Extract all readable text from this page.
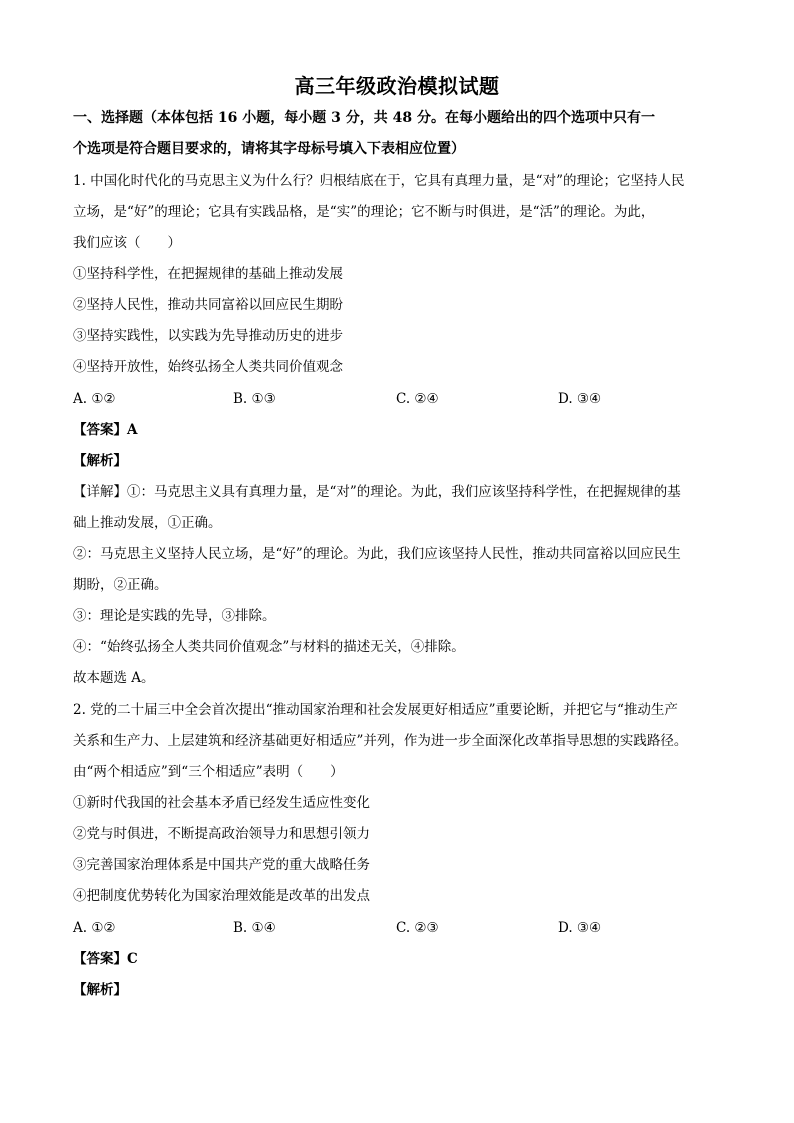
高三年级政治模拟试题
一、选择题（本体包括 16 小题，每小题 3 分，共 48 分。在每小题给出的四个选项中只有一
个选项是符合题目要求的，请将其字母标号填入下表相应位置）
1. 中国化时代化的马克思主义为什么行？归根结底在于，它具有真理力量，是“对”的理论；它坚持人民
立场，是“好”的理论；它具有实践品格，是“实”的理论；它不断与时俱进，是“活”的理论。为此，
我们应该（　　）
①坚持科学性，在把握规律的基础上推动发展
②坚持人民性，推动共同富裕以回应民生期盼
③坚持实践性，以实践为先导推动历史的进步
④坚持开放性，始终弘扬全人类共同价值观念
A. ①②	B. ①③	C. ②④	D. ③④
【答案】A
【解析】
【详解】①：马克思主义具有真理力量，是“对”的理论。为此，我们应该坚持科学性，在把握规律的基
础上推动发展，①正确。
②：马克思主义坚持人民立场，是“好”的理论。为此，我们应该坚持人民性，推动共同富裕以回应民生
期盼，②正确。
③：理论是实践的先导，③排除。
④：“始终弘扬全人类共同价值观念”与材料的描述无关，④排除。
故本题选 A。
2. 党的二十届三中全会首次提出“推动国家治理和社会发展更好相适应”重要论断，并把它与“推动生产
关系和生产力、上层建筑和经济基础更好相适应”并列，作为进一步全面深化改革指导思想的实践路径。
由“两个相适应”到“三个相适应”表明（　　）
①新时代我国的社会基本矛盾已经发生适应性变化
②党与时俱进，不断提高政治领导力和思想引领力
③完善国家治理体系是中国共产党的重大战略任务
④把制度优势转化为国家治理效能是改革的出发点
A. ①②	B. ①④	C. ②③	D. ③④
【答案】C
【解析】
